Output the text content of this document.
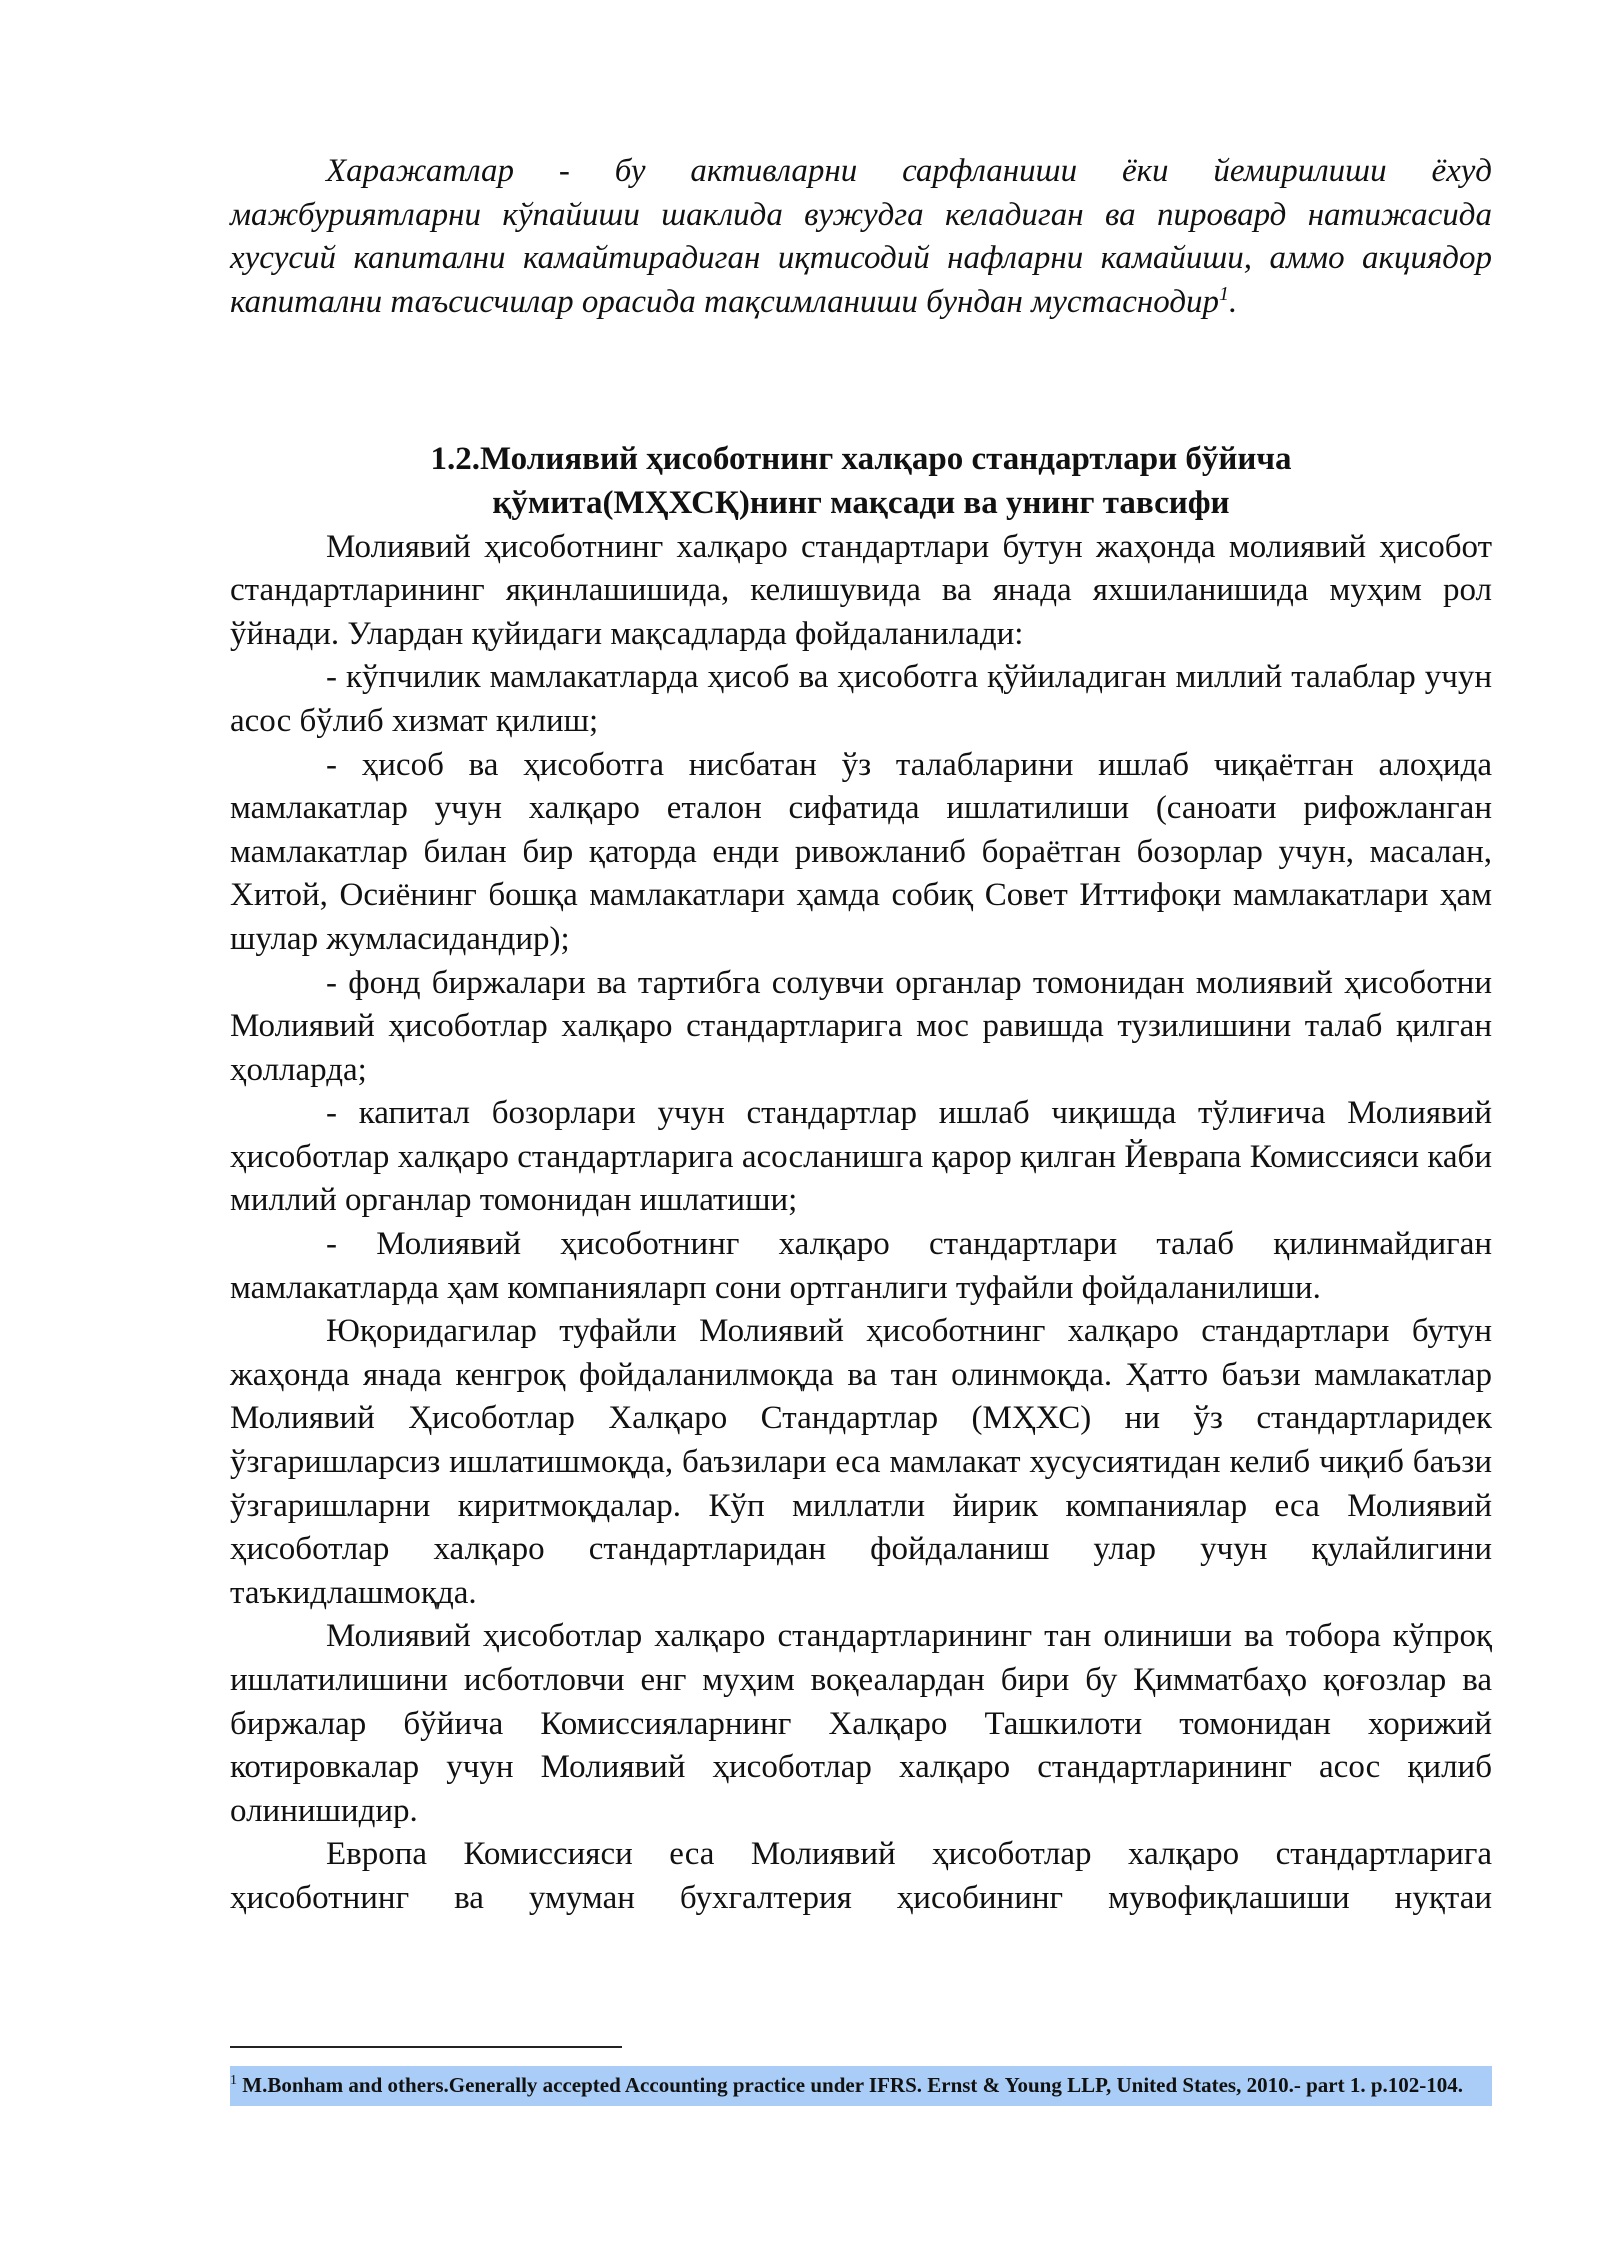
Харажатлар - бу активларни сарфланиши ёки йемирилиши ёхуд мажбуриятларни кўпайиши шаклида вужудга келадиган ва пировард натижасида хусусий капитални камайтирадиган иқтисодий нафларни камайиши, аммо акциядор капитални таъсисчилар орасида тақсимланиши бундан мустаснодир$^1$.

1.2.Молиявий ҳисоботнинг халқаро стандартлари бўйича
қўмита(МҲХСҚ)нинг мақсади ва унинг тавсифи

Молиявий ҳисоботнинг халқаро стандартлари бутун жаҳонда молиявий ҳисобот стандартларининг яқинлашишида, келишувида ва янада яхшиланишида муҳим рол ўйнади. Улардан қуйидаги мақсадларда фойдаланилади:

- кўпчилик мамлакатларда ҳисоб ва ҳисоботга қўйиладиган миллий талаблар учун асос бўлиб хизмат қилиш;

- ҳисоб ва ҳисоботга нисбатан ўз талабларини ишлаб чиқаётган алоҳида мамлакатлар учун халқаро еталон сифатида ишлатилиши (саноати рифожланган мамлакатлар билан бир қаторда енди ривожланиб бораётган бозорлар учун, масалан, Хитой, Осиёнинг бошқа мамлакатлари ҳамда собиқ Совет Иттифоқи мамлакатлари ҳам шулар жумласидандир);

- фонд биржалари ва тартибга солувчи органлар томонидан молиявий ҳисоботни Молиявий ҳисоботлар халқаро стандартларига мос равишда тузилишини талаб қилган ҳолларда;

- капитал бозорлари учун стандартлар ишлаб чиқишда тўлиғича Молиявий ҳисоботлар халқаро стандартларига асосланишга қарор қилган Йеврапа Комиссияси каби миллий органлар томонидан ишлатиши;

- Молиявий ҳисоботнинг халқаро стандартлари талаб қилинмайдиган мамлакатларда ҳам компаниялapп сони ортганлиги туфайли фойдаланилиши.

Юқоридагилар туфайли Молиявий ҳисоботнинг халқаро стандартлари бутун жаҳонда янада кенгроқ фойдаланилмоқда ва тан олинмоқда. Ҳатто баъзи мамлакатлар Молиявий Ҳисоботлар Халқаро Стандартлар (МҲХС) ни ўз стандартларидек ўзгаришларсиз ишлатишмоқда, баъзилари еса мамлакат хусусиятидан келиб чиқиб баъзи ўзгаришларни киритмоқдалар. Кўп миллатли йирик компаниялар еса Молиявий ҳисоботлар халқаро стандартларидан фойдаланиш улар учун қулайлигини таъкидлашмоқда.

Молиявий ҳисоботлар халқаро стандартларининг тан олиниши ва тобора кўпроқ ишлатилишини исботловчи енг муҳим воқеалардан бири бу Қимматбаҳо қоғозлар ва биржалар бўйича Комиссияларнинг Халқаро Ташкилоти томонидан хорижий котировкалар учун Молиявий ҳисоботлар халқаро стандартларининг асос қилиб олинишидир.

Европа Комиссияси еса Молиявий ҳисоботлар халқаро стандартларига ҳисоботнинг ва умуман бухгалтерия ҳисобининг мувофиқлашиши нуқтаи

$^1$ M.Bonham and others.Generally accepted Accounting practice under IFRS. Ernst & Young LLP, United States, 2010.- part 1. p.102-104.
